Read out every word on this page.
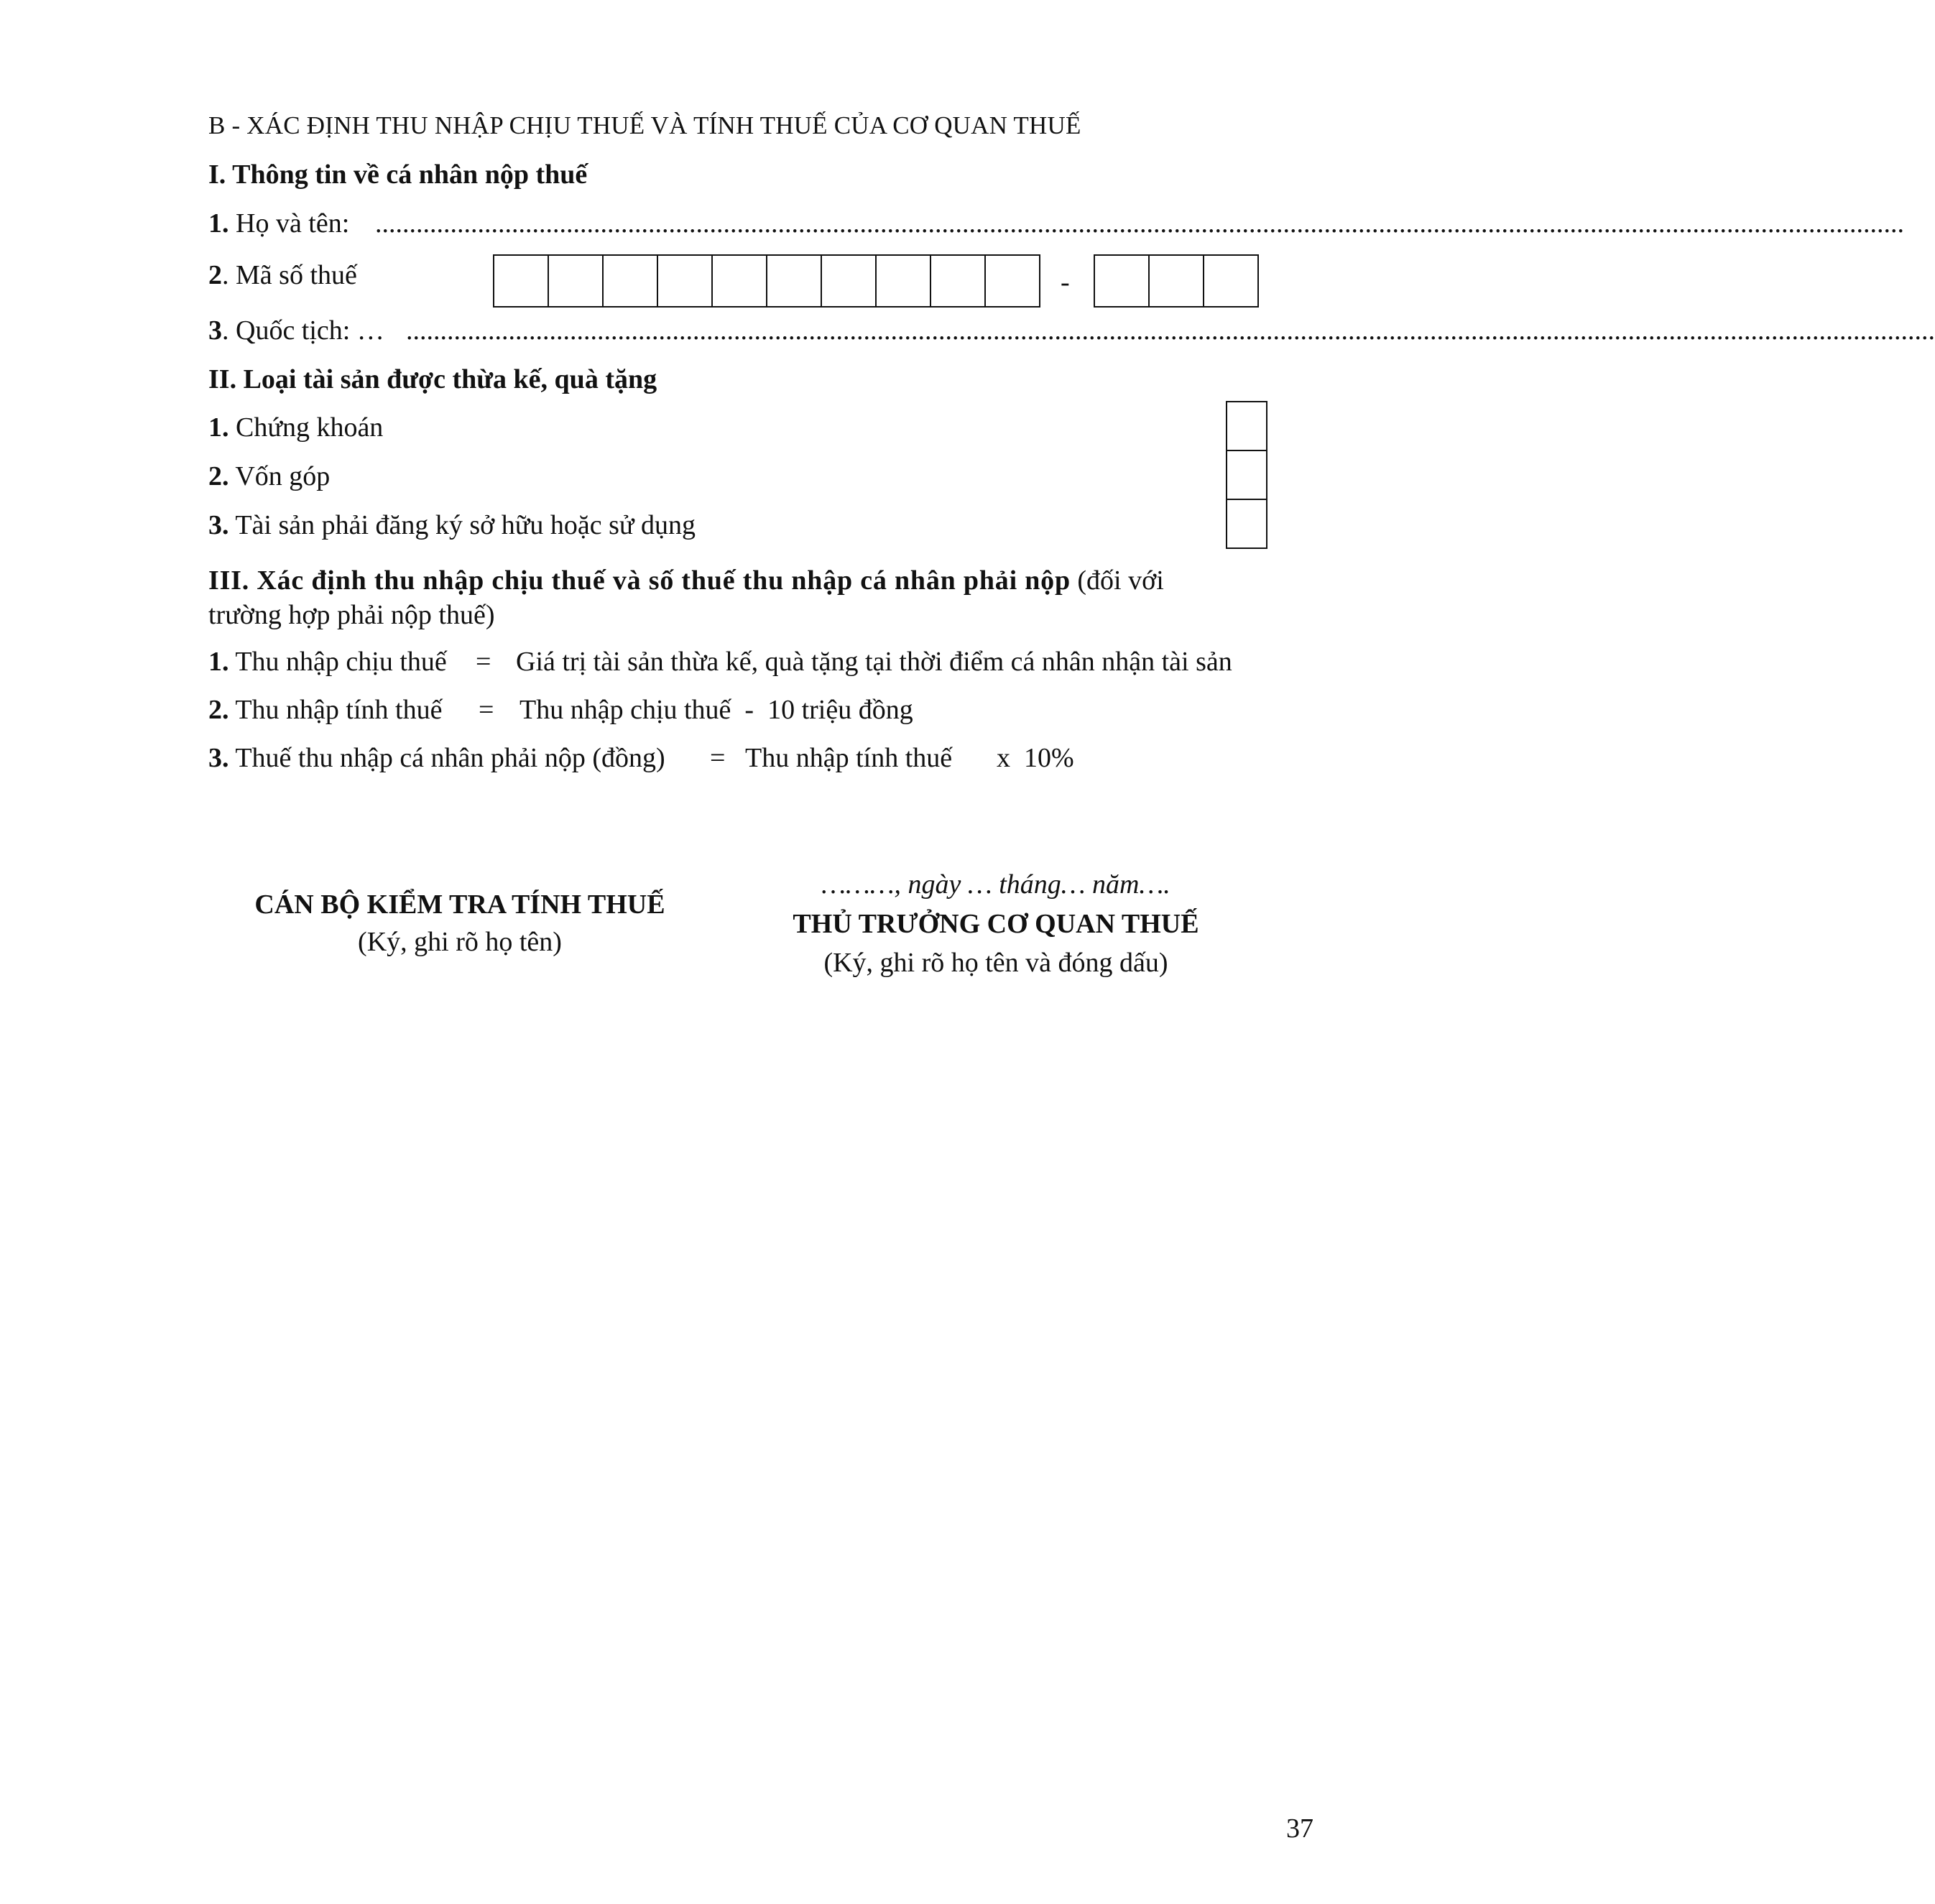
B - XÁC ĐỊNH THU NHẬP CHỊU THUẾ VÀ TÍNH THUẾ CỦA CƠ QUAN THUẾ
I. Thông tin về cá nhân nộp thuế
1. Họ và tên: ................................................................................................................................................................................................................................
2. Mã số thuế	-
3. Quốc tịch: … ................................................................................................................................................................................................................................
II. Loại tài sản được thừa kế, quà tặng
1. Chứng khoán
2. Vốn góp
3. Tài sản phải đăng ký sở hữu hoặc sử dụng
III. Xác định thu nhập chịu thuế và số thuế thu nhập cá nhân phải nộp (đối với
trường hợp phải nộp thuế)
1. Thu nhập chịu thuế = Giá trị tài sản thừa kế, quà tặng tại thời điểm cá nhân nhận tài sản
2. Thu nhập tính thuế = Thu nhập chịu thuế  -  10 triệu đồng
3. Thuế thu nhập cá nhân phải nộp (đồng) = Thu nhập tính thuế x  10%
CÁN BỘ KIỂM TRA TÍNH THUẾ
(Ký, ghi rõ họ tên)
………, ngày … tháng… năm….
THỦ TRƯỞNG CƠ QUAN THUẾ
(Ký, ghi rõ họ tên và đóng dấu)
37
